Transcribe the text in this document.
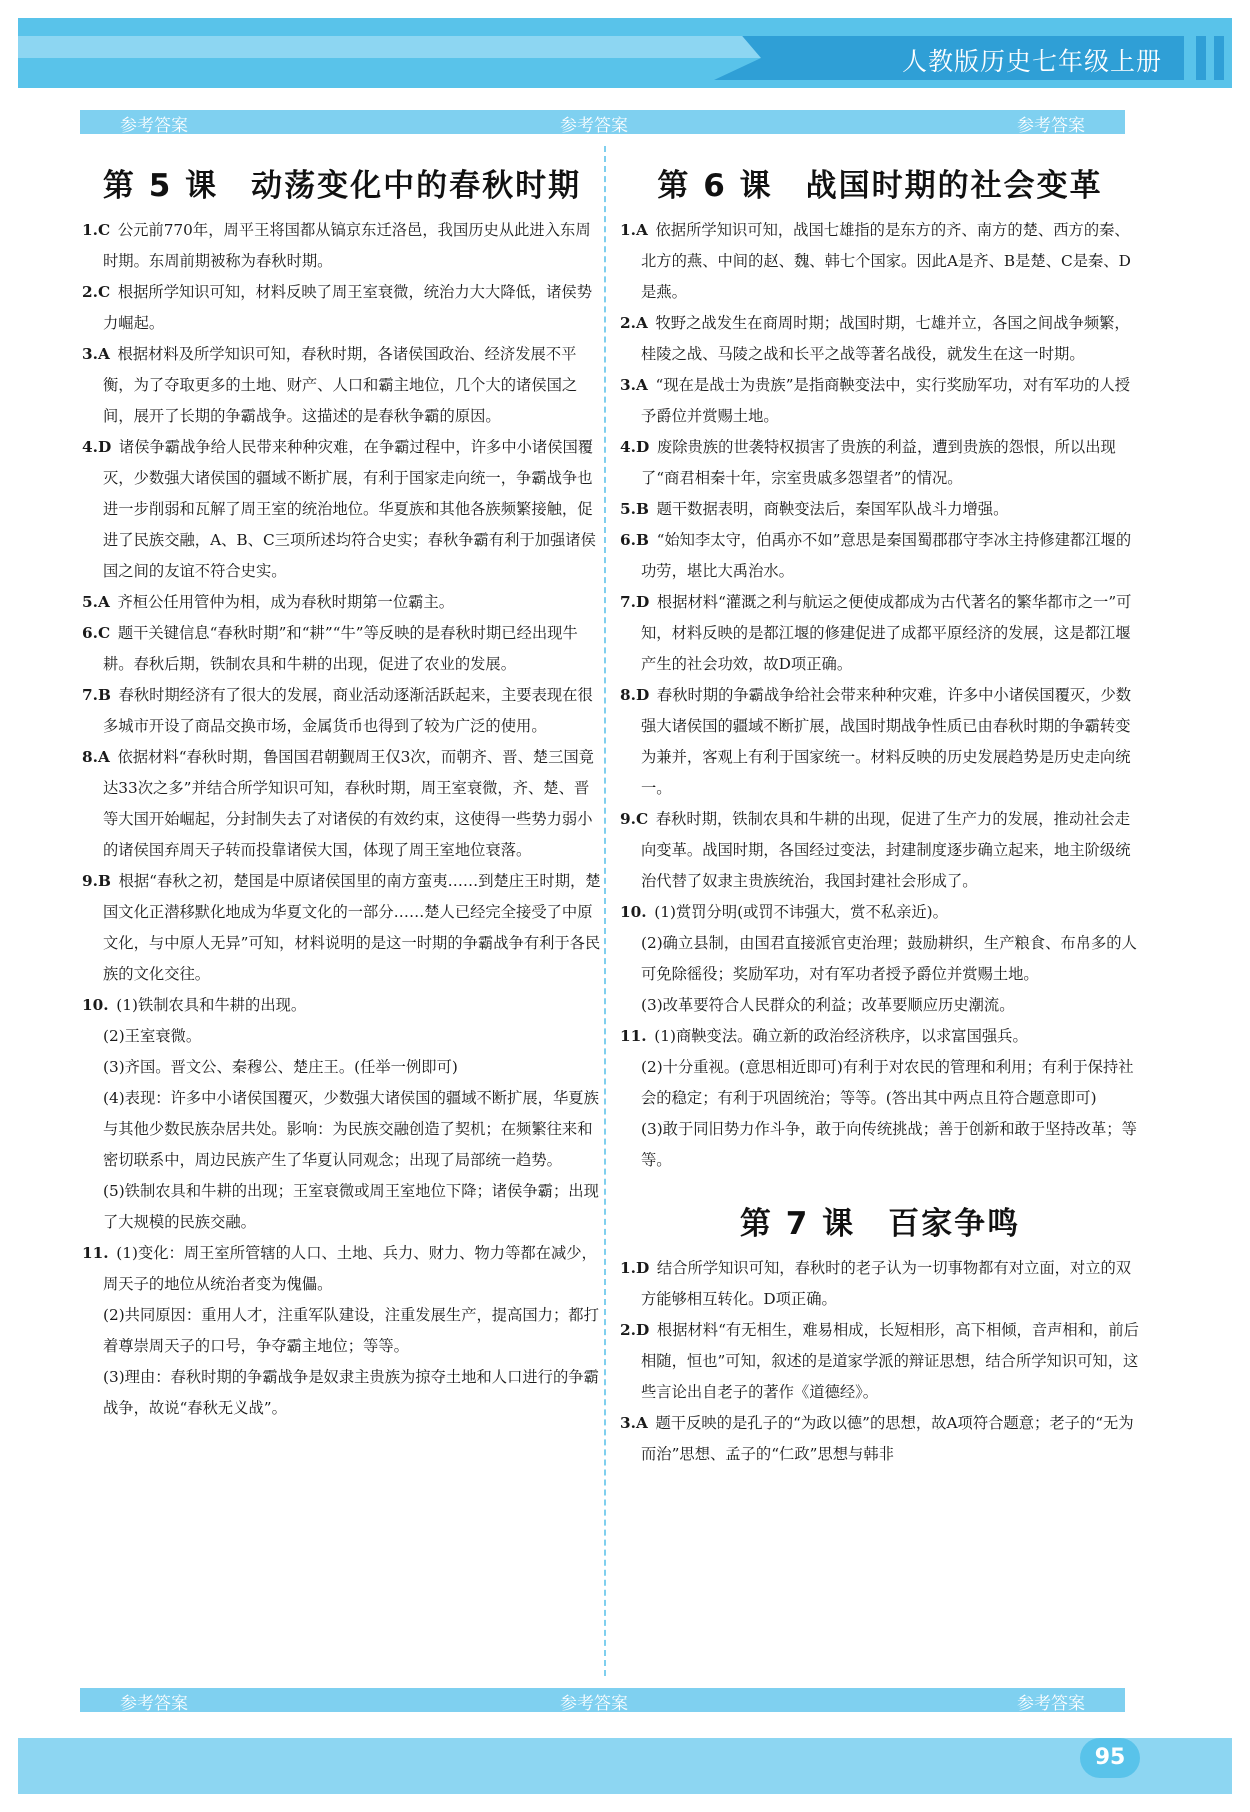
人教版历史七年级上册
参考答案	参考答案	参考答案
第 5 课　动荡变化中的春秋时期

1.C  公元前770年，周平王将国都从镐京东迁洛邑，我国历史从此进入东周时期。东周前期被称为春秋时期。

2.C  根据所学知识可知，材料反映了周王室衰微，统治力大大降低，诸侯势力崛起。

3.A  根据材料及所学知识可知，春秋时期，各诸侯国政治、经济发展不平衡，为了夺取更多的土地、财产、人口和霸主地位，几个大的诸侯国之间，展开了长期的争霸战争。这描述的是春秋争霸的原因。

4.D  诸侯争霸战争给人民带来种种灾难，在争霸过程中，许多中小诸侯国覆灭，少数强大诸侯国的疆域不断扩展，有利于国家走向统一，争霸战争也进一步削弱和瓦解了周王室的统治地位。华夏族和其他各族频繁接触，促进了民族交融，A、B、C三项所述均符合史实；春秋争霸有利于加强诸侯国之间的友谊不符合史实。

5.A  齐桓公任用管仲为相，成为春秋时期第一位霸主。

6.C  题干关键信息“春秋时期”和“耕”“牛”等反映的是春秋时期已经出现牛耕。春秋后期，铁制农具和牛耕的出现，促进了农业的发展。

7.B  春秋时期经济有了很大的发展，商业活动逐渐活跃起来，主要表现在很多城市开设了商品交换市场，金属货币也得到了较为广泛的使用。

8.A  依据材料“春秋时期，鲁国国君朝觐周王仅3次，而朝齐、晋、楚三国竟达33次之多”并结合所学知识可知，春秋时期，周王室衰微，齐、楚、晋等大国开始崛起，分封制失去了对诸侯的有效约束，这使得一些势力弱小的诸侯国弃周天子转而投靠诸侯大国，体现了周王室地位衰落。

9.B  根据“春秋之初，楚国是中原诸侯国里的南方蛮夷……到楚庄王时期，楚国文化正潜移默化地成为华夏文化的一部分……楚人已经完全接受了中原文化，与中原人无异”可知，材料说明的是这一时期的争霸战争有利于各民族的文化交往。

10.  (1)铁制农具和牛耕的出现。

(2)王室衰微。

(3)齐国。晋文公、秦穆公、楚庄王。(任举一例即可)

(4)表现：许多中小诸侯国覆灭，少数强大诸侯国的疆域不断扩展，华夏族与其他少数民族杂居共处。影响：为民族交融创造了契机；在频繁往来和密切联系中，周边民族产生了华夏认同观念；出现了局部统一趋势。

(5)铁制农具和牛耕的出现；王室衰微或周王室地位下降；诸侯争霸；出现了大规模的民族交融。

11.  (1)变化：周王室所管辖的人口、土地、兵力、财力、物力等都在减少，周天子的地位从统治者变为傀儡。

(2)共同原因：重用人才，注重军队建设，注重发展生产，提高国力；都打着尊崇周天子的口号，争夺霸主地位；等等。

(3)理由：春秋时期的争霸战争是奴隶主贵族为掠夺土地和人口进行的争霸战争，故说“春秋无义战”。

第 6 课　战国时期的社会变革

1.A  依据所学知识可知，战国七雄指的是东方的齐、南方的楚、西方的秦、北方的燕、中间的赵、魏、韩七个国家。因此A是齐、B是楚、C是秦、D是燕。

2.A  牧野之战发生在商周时期；战国时期，七雄并立，各国之间战争频繁，桂陵之战、马陵之战和长平之战等著名战役，就发生在这一时期。

3.A  “现在是战士为贵族”是指商鞅变法中，实行奖励军功，对有军功的人授予爵位并赏赐土地。

4.D  废除贵族的世袭特权损害了贵族的利益，遭到贵族的怨恨，所以出现了“商君相秦十年，宗室贵戚多怨望者”的情况。

5.B  题干数据表明，商鞅变法后，秦国军队战斗力增强。

6.B  “始知李太守，伯禹亦不如”意思是秦国蜀郡郡守李冰主持修建都江堰的功劳，堪比大禹治水。

7.D  根据材料“灌溉之利与航运之便使成都成为古代著名的繁华都市之一”可知，材料反映的是都江堰的修建促进了成都平原经济的发展，这是都江堰产生的社会功效，故D项正确。

8.D  春秋时期的争霸战争给社会带来种种灾难，许多中小诸侯国覆灭，少数强大诸侯国的疆域不断扩展，战国时期战争性质已由春秋时期的争霸转变为兼并，客观上有利于国家统一。材料反映的历史发展趋势是历史走向统一。

9.C  春秋时期，铁制农具和牛耕的出现，促进了生产力的发展，推动社会走向变革。战国时期，各国经过变法，封建制度逐步确立起来，地主阶级统治代替了奴隶主贵族统治，我国封建社会形成了。

10.  (1)赏罚分明(或罚不讳强大，赏不私亲近)。

(2)确立县制，由国君直接派官吏治理；鼓励耕织，生产粮食、布帛多的人可免除徭役；奖励军功，对有军功者授予爵位并赏赐土地。

(3)改革要符合人民群众的利益；改革要顺应历史潮流。

11.  (1)商鞅变法。确立新的政治经济秩序，以求富国强兵。

(2)十分重视。(意思相近即可)有利于对农民的管理和利用；有利于保持社会的稳定；有利于巩固统治；等等。(答出其中两点且符合题意即可)

(3)敢于同旧势力作斗争，敢于向传统挑战；善于创新和敢于坚持改革；等等。

第 7 课　百家争鸣

1.D  结合所学知识可知，春秋时的老子认为一切事物都有对立面，对立的双方能够相互转化。D项正确。

2.D  根据材料“有无相生，难易相成，长短相形，高下相倾，音声相和，前后相随，恒也”可知，叙述的是道家学派的辩证思想，结合所学知识可知，这些言论出自老子的著作《道德经》。

3.A  题干反映的是孔子的“为政以德”的思想，故A项符合题意；老子的“无为而治”思想、孟子的“仁政”思想与韩非

参考答案	参考答案	参考答案
95
